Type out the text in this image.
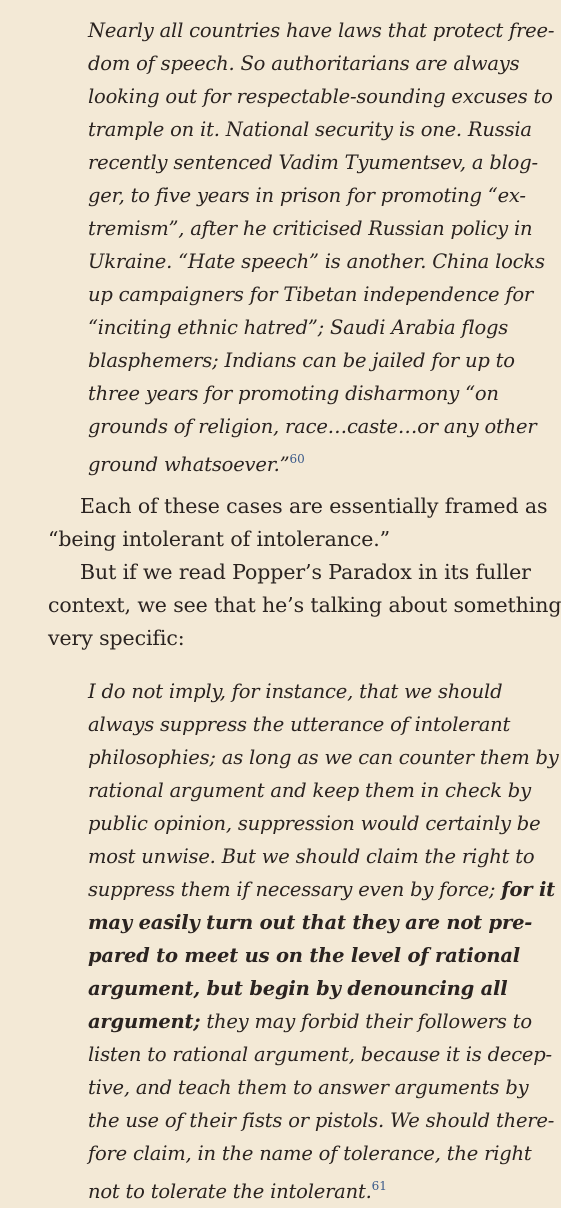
Nearly all countries have laws that protect free-
dom of speech. So authoritarians are always
looking out for respectable-sounding excuses to
trample on it. National security is one. Russia
recently sentenced Vadim Tyumentsev, a blog-
ger, to five years in prison for promoting “ex-
tremism”, after he criticised Russian policy in
Ukraine. “Hate speech” is another. China locks
up campaigners for Tibetan independence for
“inciting ethnic hatred”; Saudi Arabia flogs
blasphemers; Indians can be jailed for up to
three years for promoting disharmony “on
grounds of religion, race…caste…or any other
ground whatsoever.”$^{60}$
Each of these cases are essentially framed as
“being intolerant of intolerance.”
But if we read Popper’s Paradox in its fuller
context, we see that he’s talking about something
very specific:
I do not imply, for instance, that we should
always suppress the utterance of intolerant
philosophies; as long as we can counter them by
rational argument and keep them in check by
public opinion, suppression would certainly be
most unwise. But we should claim the right to
suppress them if necessary even by force; for it
may easily turn out that they are not pre-
pared to meet us on the level of rational
argument, but begin by denouncing all
argument; they may forbid their followers to
listen to rational argument, because it is decep-
tive, and teach them to answer arguments by
the use of their fists or pistols. We should there-
fore claim, in the name of tolerance, the right
not to tolerate the intolerant.$^{61}$
